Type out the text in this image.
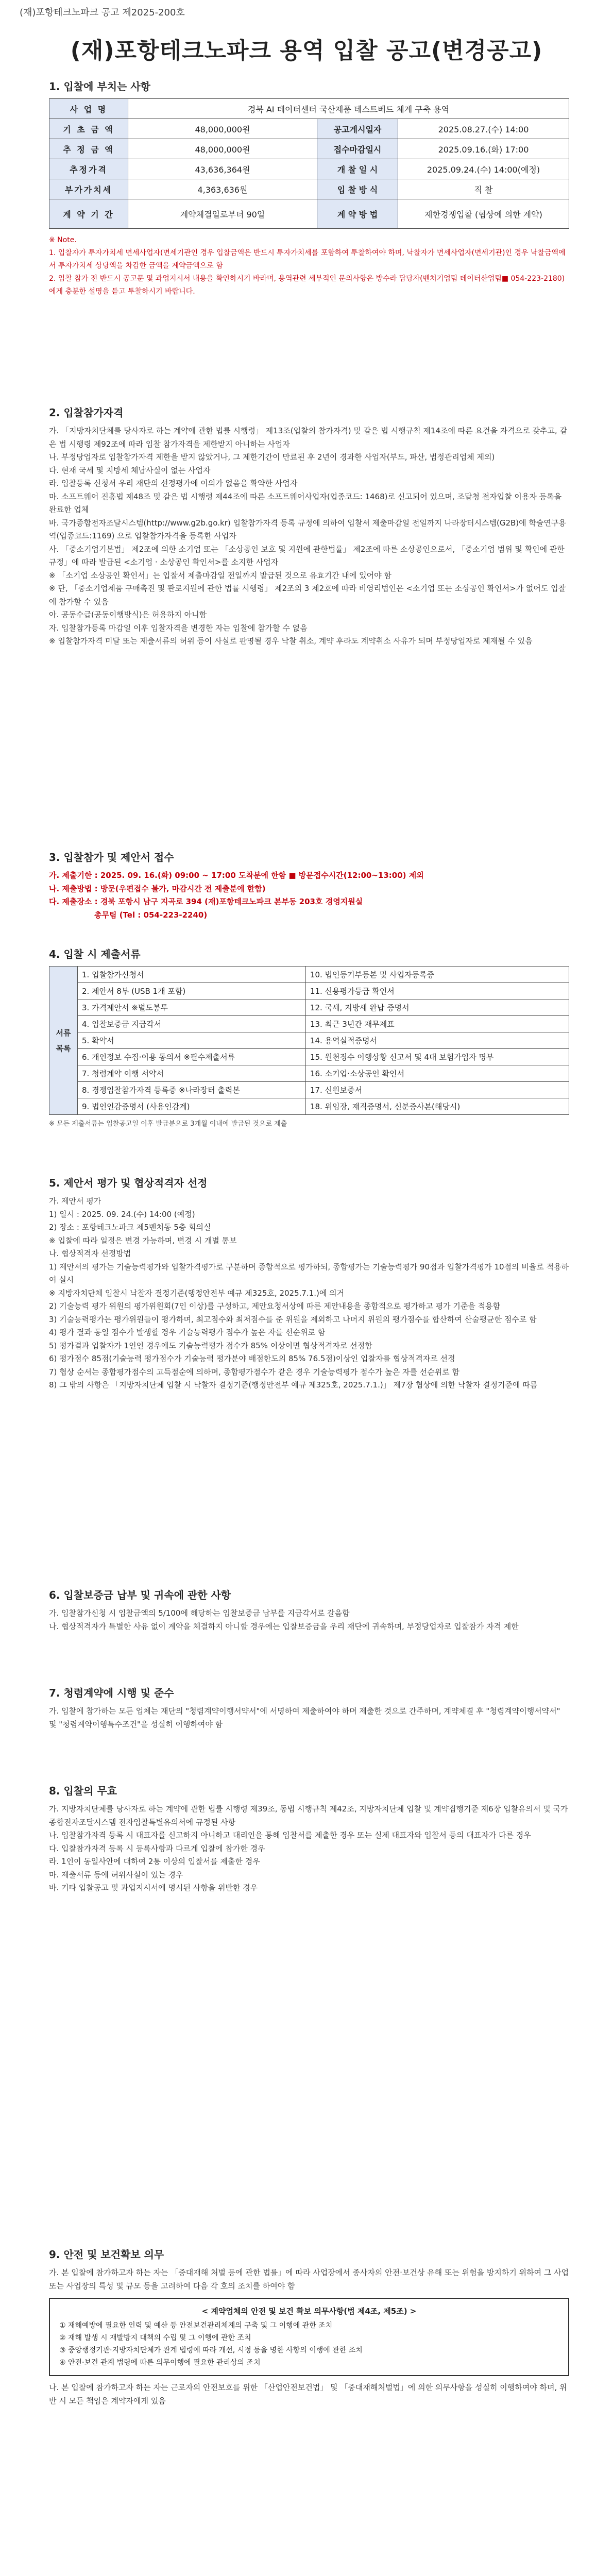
(재)포항테크노파크 공고 제2025-200호
(재)포항테크노파크 용역 입찰 공고(변경공고)
1. 입찰에 부치는 사항
사 업 명	경북 AI 데이터센터 국산제품 테스트베드 체계 구축 용역		
기 초 금 액	48,000,000원	공고게시일자	2025.08.27.(수) 14:00
추 정 금 액	48,000,000원	접수마감일시	2025.09.16.(화) 17:00
추정가격	43,636,364원	개 찰 일 시	2025.09.24.(수) 14:00(예정)
부가가치세	4,363,636원	입 찰 방 식	직 찰
계 약 기 간	계약체결일로부터 90일	계 약 방 법	제한경쟁입찰 (협상에 의한 계약)
※ Note.
1. 입찰자가 투자가치세 면세사업자(면세기관인 경우 입찰금액은 반드시 투자가치세를 포함하여 투찰하여야 하며, 낙찰자가 면세사업자(면세기관)인 경우 낙찰금액에서 투자가치세 상당액을 차감한 금액을 계약금액으로 함
2. 입찰 참가 전 반드시 공고문 및 과업지시서 내용을 확인하시기 바라며, 용역관련 세부적인 문의사항은 방수라 담당자(벤처기업팀 데이터산업팀■ 054-223-2180)에게 충분한 설명을 듣고 투찰하시기 바랍니다.
2. 입찰참가자격

가. 「지방자치단체를 당사자로 하는 계약에 관한 법률 시행령」 제13조(입찰의 참가자격) 및 같은 법 시행규칙 제14조에 따른 요건을 자격으로 갖추고, 같은 법 시행령 제92조에 따라 입찰 참가자격을 제한받지 아니하는 사업자
나. 부정당업자로 입찰참가자격 제한을 받지 않았거나, 그 제한기간이 만료된 후 2년이 경과한 사업자(부도, 파산, 법정관리업체 제외)
다. 현재 국세 및 지방세 체납사실이 없는 사업자
라. 입찰등록 신청서 우리 재단의 선정평가에 이의가 없음을 확약한 사업자
마. 소프트웨어 진흥법 제48조 및 같은 법 시행령 제44조에 따른 소프트웨어사업자(업종코드: 1468)로 신고되어 있으며, 조달청 전자입찰 이용자 등록을 완료한 업체
바. 국가종합전자조달시스템(http://www.g2b.go.kr) 입찰참가자격 등록 규정에 의하여 입찰서 제출마감일 전일까지 나라장터시스템(G2B)에 학술연구용역(업종코드:1169) 으로 입찰참가자격을 등록한 사업자
사. 「중소기업기본법」 제2조에 의한 소기업 또는 「소상공인 보호 및 지원에 관한법률」 제2조에 따른 소상공인으로서, 「중소기업 범위 및 확인에 관한 규정」에 따라 발급된 <소기업 · 소상공인 확인서>를 소지한 사업자
※ 「소기업 소상공인 확인서」는 입찰서 제출마감일 전일까지 발급된 것으로 유효기간 내에 있어야 함
※ 단, 「중소기업제품 구매촉진 및 판로지원에 관한 법률 시행령」 제2조의 3 제2호에 따라 비영리법인은 <소기업 또는 소상공인 확인서>가 없어도 입찰에 참가할 수 있음
아. 공동수급(공동이행방식)은 허용하지 아니함
자. 입찰참가등록 마감일 이후 입찰자격을 변경한 자는 입찰에 참가할 수 없음
※ 입찰참가자격 미달 또는 제출서류의 허위 등이 사실로 판명될 경우 낙찰 취소, 계약 후라도 계약취소 사유가 되며 부정당업자로 제재될 수 있음

3. 입찰참가 및 제안서 접수
가. 제출기한 : 2025. 09. 16.(화) 09:00 ~ 17:00 도착분에 한함 ■ 방문접수시간(12:00~13:00) 제외
나. 제출방법 : 방문(우편접수 불가, 마감시간 전 제출분에 한함)
다. 제출장소 : 경북 포항시 남구 지곡로 394 (재)포항테크노파크 본부동 203호 경영지원실
총무팀 (Tel : 054-223-2240)
4. 입찰 시 제출서류
서류목록	1. 입찰참가신청서	10. 법인등기부등본 및 사업자등록증
	2. 제안서 8부 (USB 1개 포함)	11. 신용평가등급 확인서
	3. 가격제안서 ※별도봉투	12. 국세, 지방세 완납 증명서
	4. 입찰보증금 지급각서	13. 최근 3년간 재무제표
	5. 확약서	14. 용역실적증명서
	6. 개인정보 수집·이용 동의서 ※필수제출서류	15. 원천징수 이행상황 신고서 및 4대 보험가입자 명부
	7. 청렴계약 이행 서약서	16. 소기업·소상공인 확인서
	8. 경쟁입찰참가자격 등록증 ※나라장터 출력본	17. 신원보증서
	9. 법인인감증명서 (사용인감계)	18. 위임장, 재직증명서, 신분증사본(해당시)
※ 모든 제출서류는 입찰공고일 이후 발급분으로 3개월 이내에 발급된 것으로 제출
5. 제안서 평가 및 협상적격자 선정

가. 제안서 평가
1) 일시 : 2025. 09. 24.(수) 14:00 (예정)
2) 장소 : 포항테크노파크 제5벤처동 5층 회의실
※ 입찰에 따라 일정은 변경 가능하며, 변경 시 개별 통보
나. 협상적격자 선정방법
1) 제안서의 평가는 기술능력평가와 입찰가격평가로 구분하며 종합적으로 평가하되, 종합평가는 기술능력평가 90점과 입찰가격평가 10점의 비율로 적용하여 실시
※ 지방자치단체 입찰시 낙찰자 결정기준(행정안전부 예규 제325호, 2025.7.1.)에 의거
2) 기술능력 평가 위원의 평가위원회(7인 이상)를 구성하고, 제안요청서상에 따른 제안내용을 종합적으로 평가하고 평가 기준을 적용함
3) 기술능력평가는 평가위원들이 평가하며, 최고점수와 최저점수를 준 위원을 제외하고 나머지 위원의 평가점수를 합산하여 산술평균한 점수로 함
4) 평가 결과 동일 점수가 발생할 경우 기술능력평가 점수가 높은 자를 선순위로 함
5) 평가결과 입찰자가 1인인 경우에도 기술능력평가 점수가 85% 이상이면 협상적격자로 선정함
6) 평가점수 85점(기술능력 평가점수가 기술능력 평가분야 배점한도의 85% 76.5점)이상인 입찰자를 협상적격자로 선정
7) 협상 순서는 종합평가점수의 고득점순에 의하며, 종합평가점수가 같은 경우 기술능력평가 점수가 높은 자를 선순위로 함
8) 그 밖의 사항은 「지방자치단체 입찰 시 낙찰자 결정기준(행정안전부 예규 제325호, 2025.7.1.)」 제7장 협상에 의한 낙찰자 결정기준에 따름

6. 입찰보증금 납부 및 귀속에 관한 사항

가. 입찰참가신청 시 입찰금액의 5/100에 해당하는 입찰보증금 납부를 지급각서로 갈음함
나. 협상적격자가 특별한 사유 없이 계약을 체결하지 아니할 경우에는 입찰보증금을 우리 재단에 귀속하며, 부정당업자로 입찰참가 자격 제한

7. 청렴계약에 시행 및 준수

가. 입찰에 참가하는 모든 업체는 재단의 "청렴계약이행서약서"에 서명하여 제출하여야 하며 제출한 것으로 간주하며, 계약체결 후 "청렴계약이행서약서" 및 "청렴계약이행특수조건"을 성실히 이행하여야 함

8. 입찰의 무효

가. 지방자치단체를 당사자로 하는 계약에 관한 법률 시행령 제39조, 동법 시행규칙 제42조, 지방자치단체 입찰 및 계약집행기준 제6장 입찰유의서 및 국가종합전자조달시스템 전자입찰특별유의서에 규정된 사항
나. 입찰참가자격 등록 시 대표자를 신고하지 아니하고 대리인을 통해 입찰서를 제출한 경우 또는 실제 대표자와 입찰서 등의 대표자가 다른 경우
다. 입찰참가자격 등록 시 등록사항과 다르게 입찰에 참가한 경우
라. 1인이 동일사안에 대하여 2통 이상의 입찰서를 제출한 경우
마. 제출서류 등에 허위사실이 있는 경우
바. 기타 입찰공고 및 과업지시서에 명시된 사항을 위반한 경우

9. 안전 및 보건확보 의무

가. 본 입찰에 참가하고자 하는 자는 「중대재해 처벌 등에 관한 법률」에 따라 사업장에서 종사자의 안전·보건상 유해 또는 위험을 방지하기 위하여 그 사업 또는 사업장의 특성 및 규모 등을 고려하여 다음 각 호의 조치를 하여야 함

< 계약업체의 안전 및 보건 확보 의무사항(법 제4조, 제5조) >
① 재해예방에 필요한 인력 및 예산 등 안전보건관리체계의 구축 및 그 이행에 관한 조치
② 재해 발생 시 재발방지 대책의 수립 및 그 이행에 관한 조치
③ 중앙행정기관·지방자치단체가 관계 법령에 따라 개선, 시정 등을 명한 사항의 이행에 관한 조치
④ 안전·보건 관계 법령에 따른 의무이행에 필요한 관리상의 조치

나. 본 입찰에 참가하고자 하는 자는 근로자의 안전보호를 위한 「산업안전보건법」 및 「중대재해처벌법」에 의한 의무사항을 성실히 이행하여야 하며, 위반 시 모든 책임은 계약자에게 있음
